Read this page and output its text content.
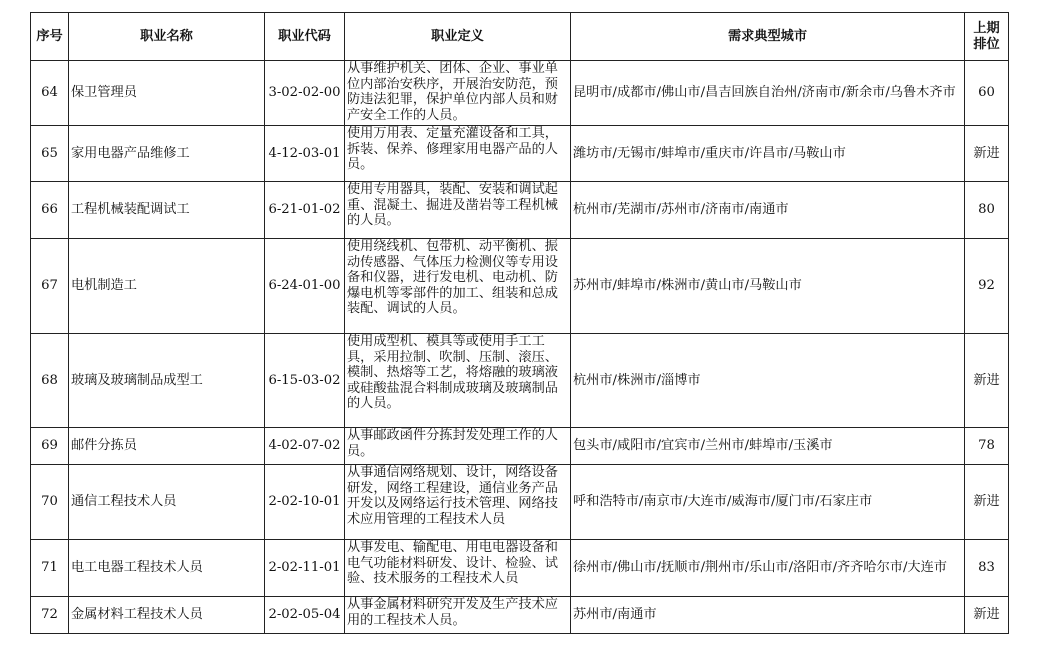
序号	职业名称	职业代码	职业定义	需求典型城市	上期
排位
64	保卫管理员	3-02-02-00	从事维护机关、团体、企业、事业单位内部治安秩序，开展治安防范，预防违法犯罪，保护单位内部人员和财产安全工作的人员。	昆明市/成都市/佛山市/昌吉回族自治州/济南市/新余市/乌鲁木齐市	60
65	家用电器产品维修工	4-12-03-01	使用万用表、定量充灌设备和工具，拆装、保养、修理家用电器产品的人员。	潍坊市/无锡市/蚌埠市/重庆市/许昌市/马鞍山市	新进
66	工程机械装配调试工	6-21-01-02	使用专用器具，装配、安装和调试起重、混凝土、掘进及凿岩等工程机械的人员。	杭州市/芜湖市/苏州市/济南市/南通市	80
67	电机制造工	6-24-01-00	使用绕线机、包带机、动平衡机、振动传感器、气体压力检测仪等专用设备和仪器，进行发电机、电动机、防爆电机等零部件的加工、组装和总成装配、调试的人员。	苏州市/蚌埠市/株洲市/黄山市/马鞍山市	92
68	玻璃及玻璃制品成型工	6-15-03-02	使用成型机、模具等或使用手工工具，采用拉制、吹制、压制、滚压、模制、热熔等工艺，将熔融的玻璃液或硅酸盐混合料制成玻璃及玻璃制品的人员。	杭州市/株洲市/淄博市	新进
69	邮件分拣员	4-02-07-02	从事邮政函件分拣封发处理工作的人员。	包头市/咸阳市/宜宾市/兰州市/蚌埠市/玉溪市	78
70	通信工程技术人员	2-02-10-01	从事通信网络规划、设计，网络设备研发，网络工程建设，通信业务产品开发以及网络运行技术管理、网络技术应用管理的工程技术人员	呼和浩特市/南京市/大连市/威海市/厦门市/石家庄市	新进
71	电工电器工程技术人员	2-02-11-01	从事发电、输配电、用电电器设备和电气功能材料研发、设计、检验、试验、技术服务的工程技术人员	徐州市/佛山市/抚顺市/荆州市/乐山市/洛阳市/齐齐哈尔市/大连市	83
72	金属材料工程技术人员	2-02-05-04	从事金属材料研究开发及生产技术应用的工程技术人员。	苏州市/南通市	新进
